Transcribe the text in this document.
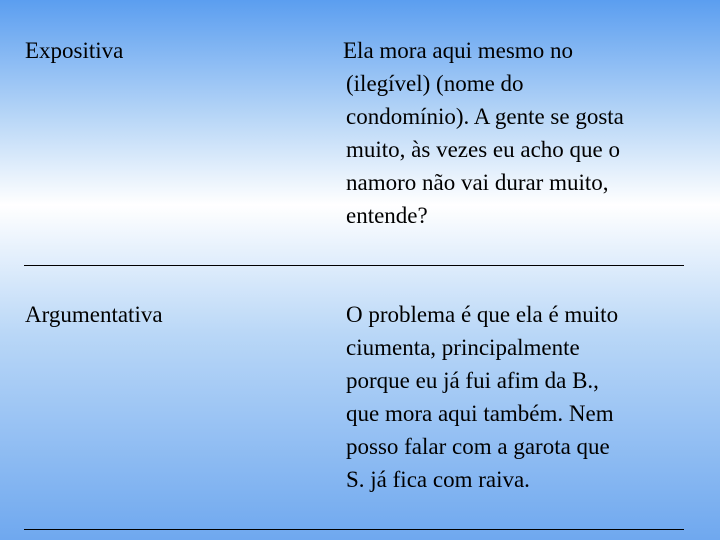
Expositiva	Ela mora aqui mesmo no
(ilegível) (nome do
condomínio). A gente se gosta
muito, às vezes eu acho que o
namoro não vai durar muito,
entende?
Argumentativa	O problema é que ela é muito
ciumenta, principalmente
porque eu já fui afim da B.,
que mora aqui também. Nem
posso falar com a garota que
S. já fica com raiva.
